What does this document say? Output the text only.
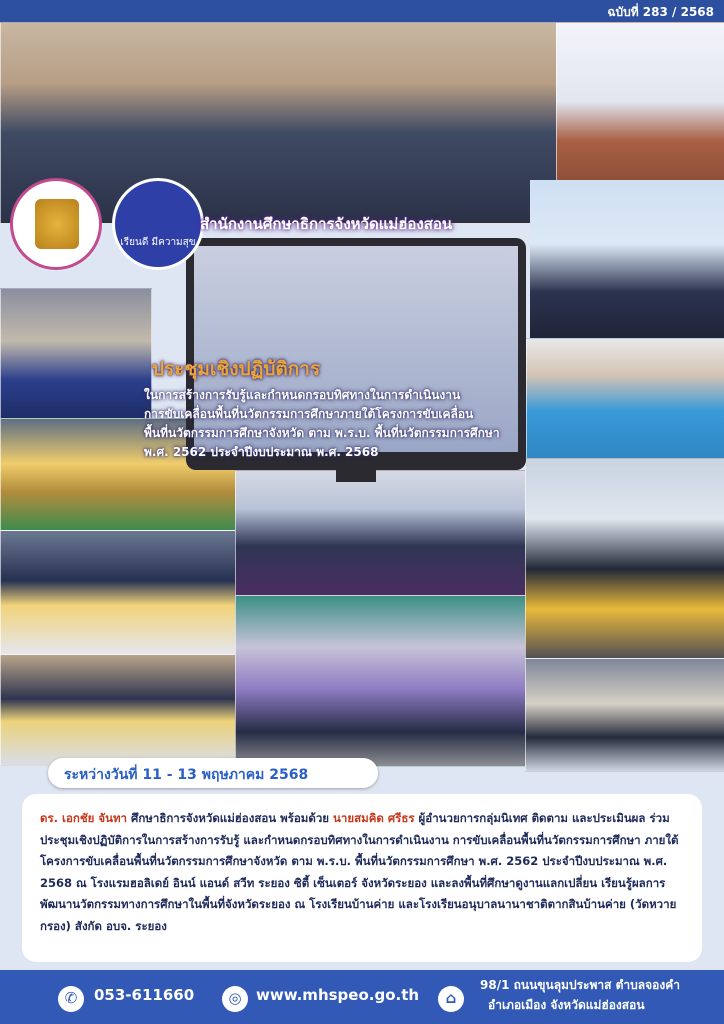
ฉบับที่ 283 / 2568
เรียนดี มีความสุข
สำนักงานศึกษาธิการจังหวัดแม่ฮ่องสอน
ประชุมเชิงปฏิบัติการ
ในการสร้างการรับรู้และกำหนดกรอบทิศทางในการดำเนินงาน
การขับเคลื่อนพื้นที่นวัตกรรมการศึกษาภายใต้โครงการขับเคลื่อน
พื้นที่นวัตกรรมการศึกษาจังหวัด ตาม พ.ร.บ. พื้นที่นวัตกรรมการศึกษา
พ.ศ. 2562 ประจำปีงบประมาณ พ.ศ. 2568
ระหว่างวันที่ 11 - 13 พฤษภาคม 2568
ดร. เอกชัย จันทา ศึกษาธิการจังหวัดแม่ฮ่องสอน พร้อมด้วย นายสมคิด ศรีธร ผู้อำนวยการกลุ่มนิเทศ ติดตาม และประเมินผล ร่วมประชุมเชิงปฏิบัติการในการสร้างการรับรู้ และกำหนดกรอบทิศทางในการดำเนินงาน การขับเคลื่อนพื้นที่นวัตกรรมการศึกษา ภายใต้โครงการขับเคลื่อนพื้นที่นวัตกรรมการศึกษาจังหวัด ตาม พ.ร.บ. พื้นที่นวัตกรรมการศึกษา พ.ศ. 2562 ประจำปีงบประมาณ พ.ศ. 2568 ณ โรงแรมฮอลิเดย์ อินน์ แอนด์ สวีท ระยอง ซิตี้ เซ็นเตอร์ จังหวัดระยอง และลงพื้นที่ศึกษาดูงานแลกเปลี่ยน เรียนรู้ผลการพัฒนานวัตกรรมทางการศึกษาในพื้นที่จังหวัดระยอง ณ โรงเรียนบ้านค่าย และโรงเรียนอนุบาลนานาชาติตากสินบ้านค่าย (วัดหวายกรอง) สังกัด อบจ. ระยอง
✆	053-611660	◎ www.mhspeo.go.th	⌂
98/1 ถนนขุนลุมประพาส ตำบลจองคำ
อำเภอเมือง จังหวัดแม่ฮ่องสอน
